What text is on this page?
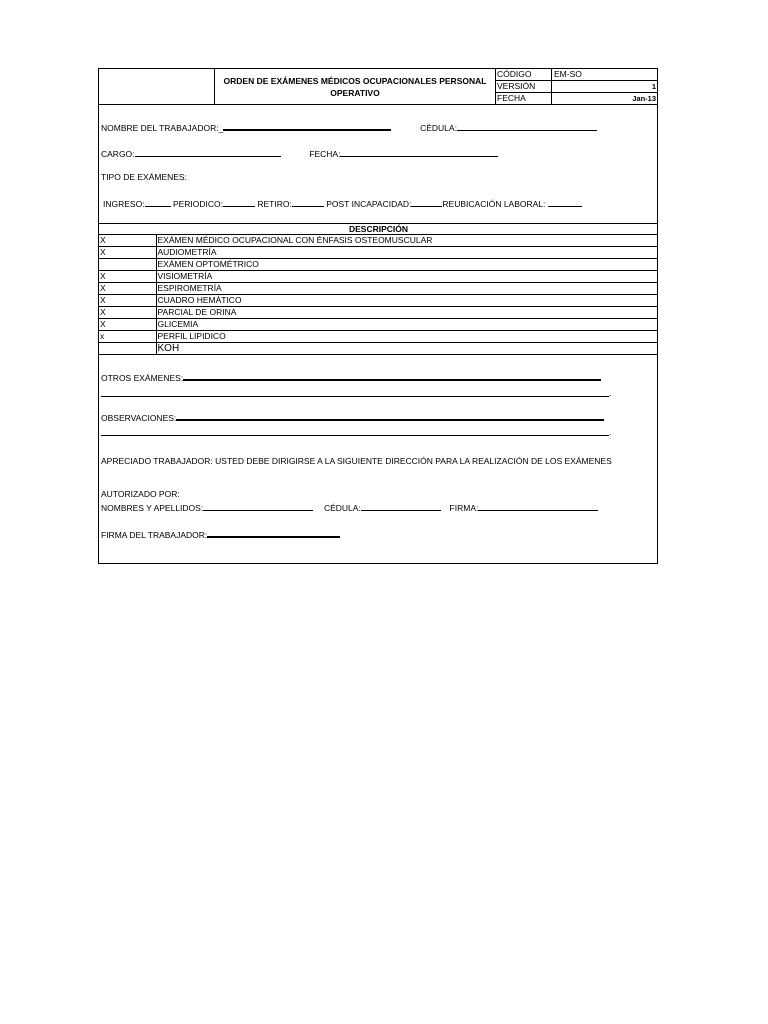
ORDEN DE EXÁMENES MÉDICOS OCUPACIONALES PERSONAL OPERATIVO
CÓDIGO	EM-SO
VERSIÓN	1
FECHA	Jan-13
NOMBRE DEL TRABAJADOR:_	CÉDULA:
CARGO:	FECHA:
TIPO DE EXÁMENES:
INGRESO:	PERIODICO:	RETIRO:	POST INCAPACIDAD:	REUBICACIÓN LABORAL:
DESCRIPCIÓN
X	EXÁMEN MÉDICO OCUPACIONAL CON ÉNFASIS OSTEOMUSCULAR
X	AUDIOMETRÍA
	EXÁMEN OPTOMÉTRICO
X	VISIOMETRÍA
X	ESPIROMETRÍA
X	CUADRO HEMÁTICO
X	PARCIAL DE ORINA
X	GLICEMIA
x	PERFIL LIPIDICO
	KOH
OTROS EXÁMENES:
.
OBSERVACIONES:
.
APRECIADO TRABAJADOR: USTED DEBE DIRIGIRSE A LA SIGUIENTE DIRECCIÓN PARA LA REALIZACIÓN DE LOS EXÁMENES
AUTORIZADO POR:
NOMBRES Y APELLIDOS:	CÉDULA:	FIRMA:
FIRMA DEL TRABAJADOR:
